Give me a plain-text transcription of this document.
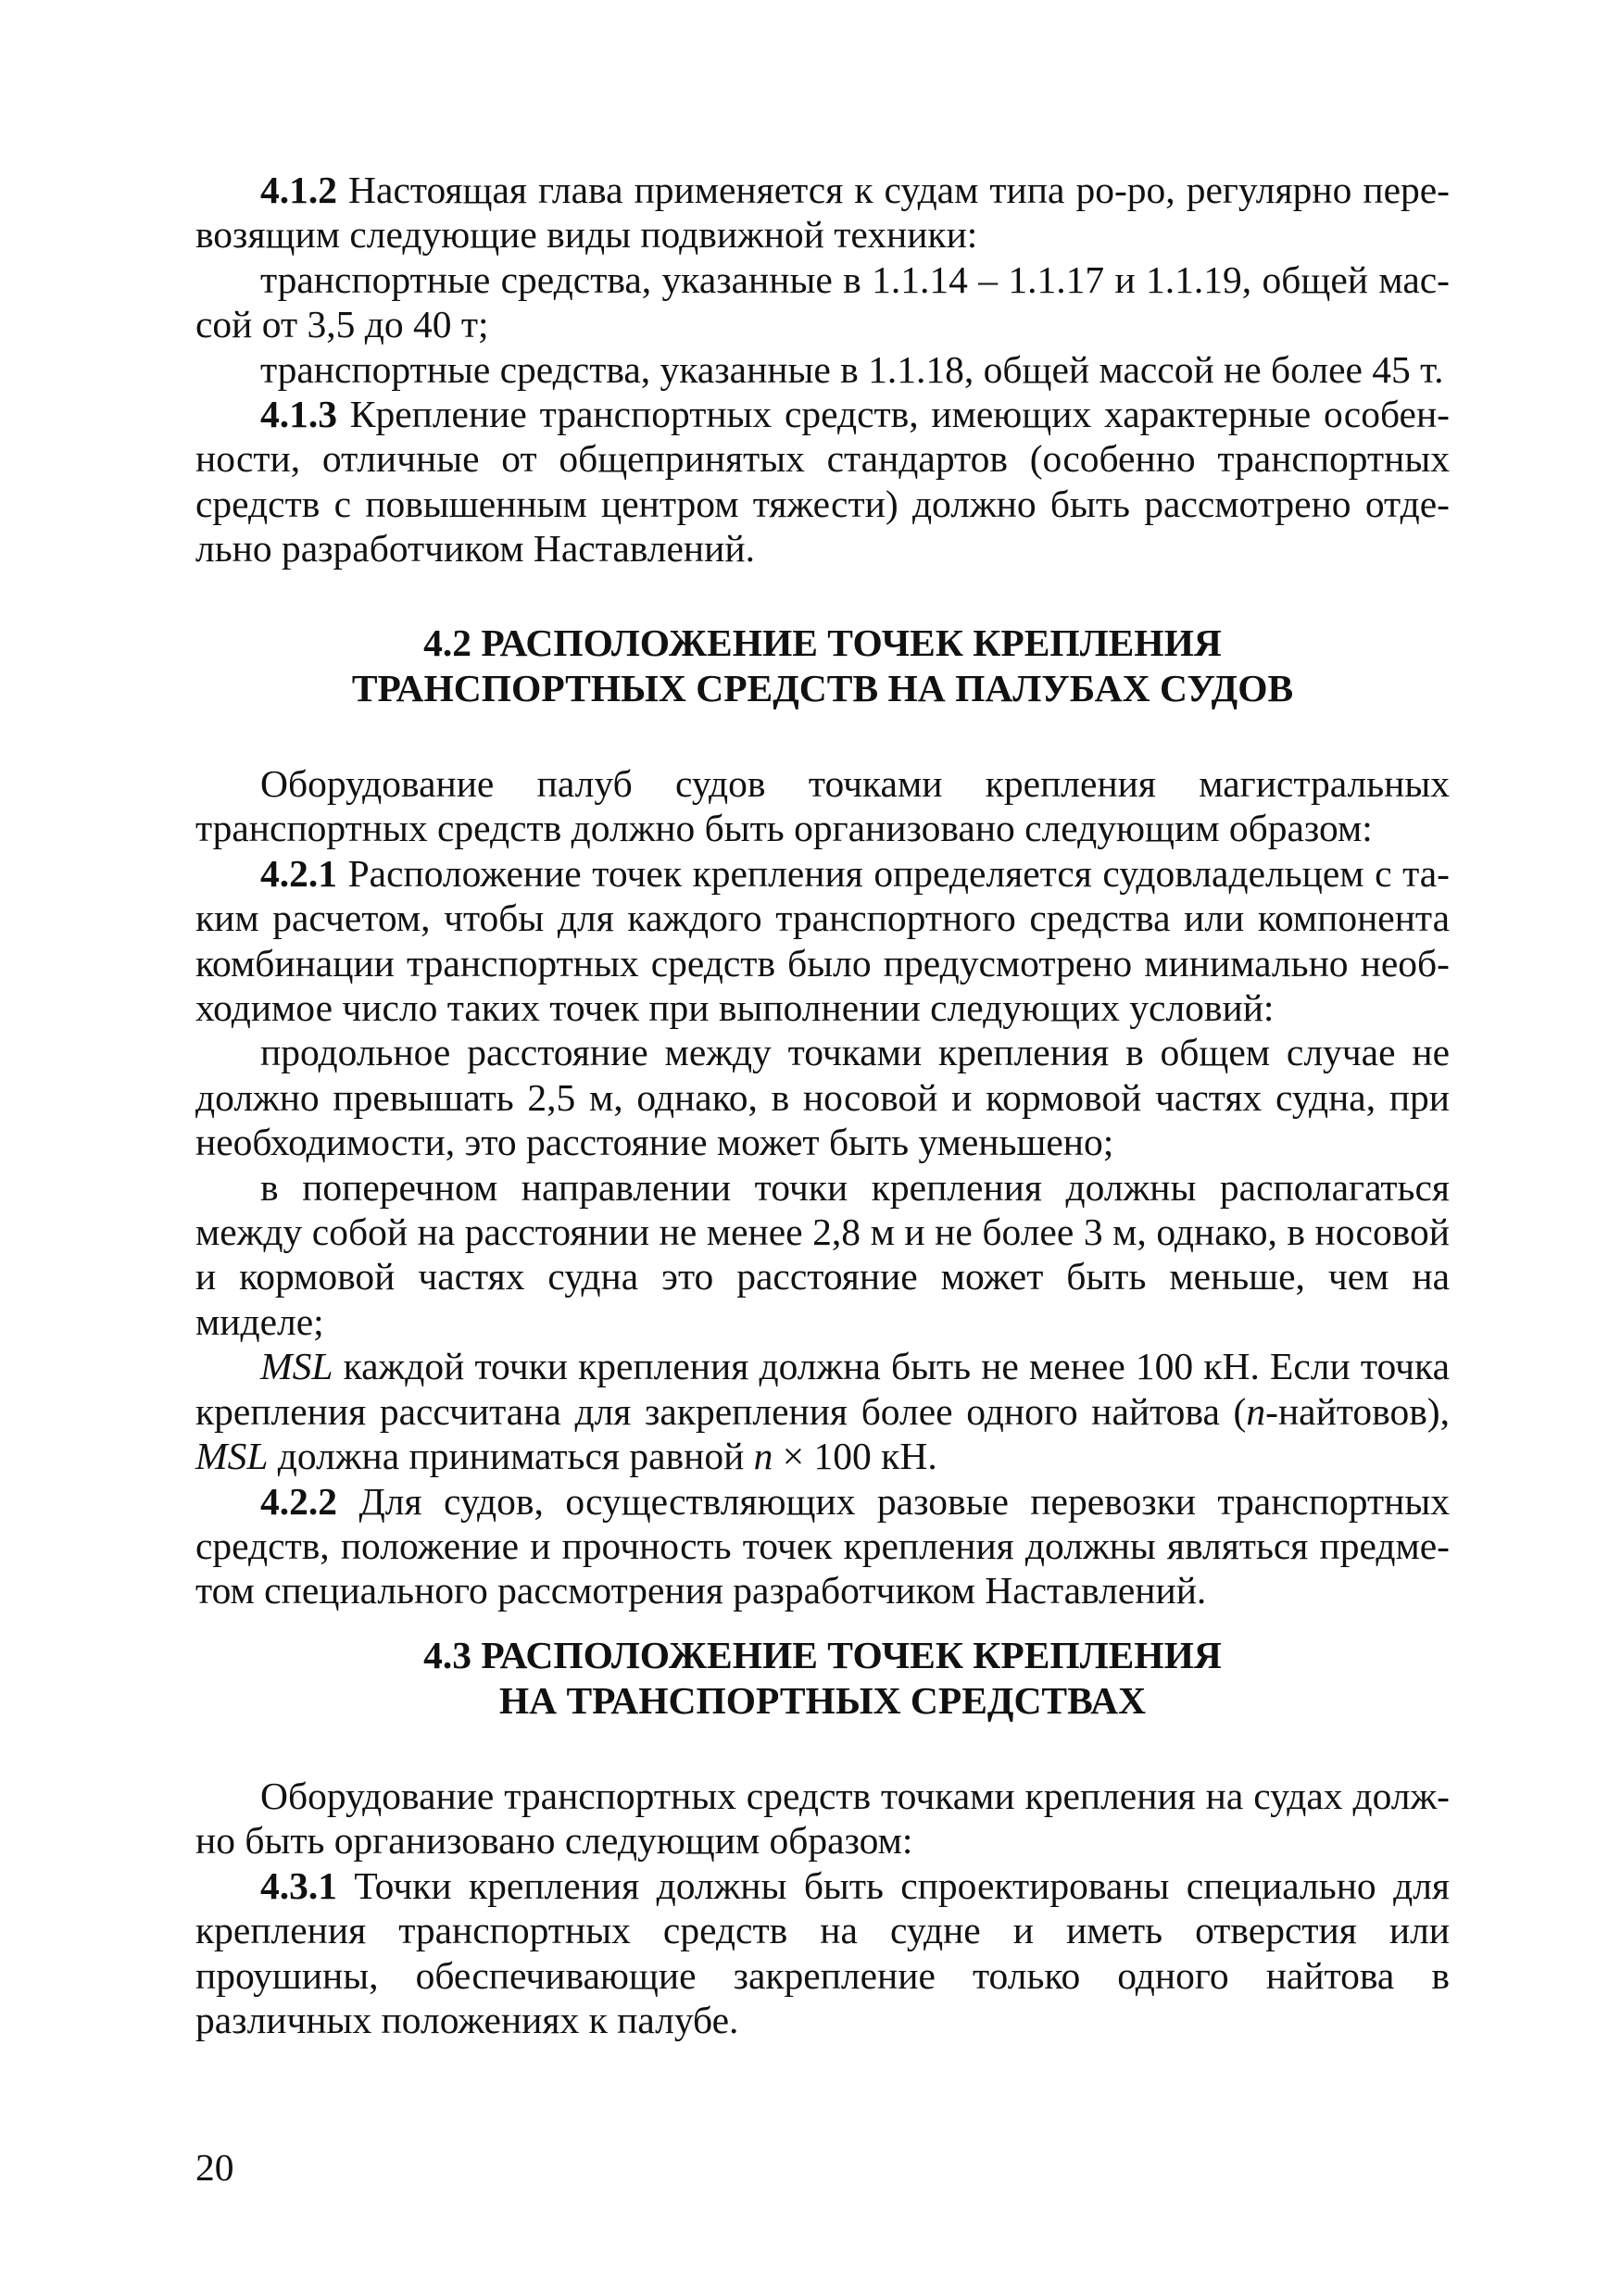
4.1.2 Настоящая глава применяется к судам типа ро-ро, регулярно перевозящим следующие виды подвижной техники:

транспортные средства, указанные в 1.1.14 – 1.1.17 и 1.1.19, общей массой от 3,5 до 40 т;

транспортные средства, указанные в 1.1.18, общей массой не более 45 т.

4.1.3 Крепление транспортных средств, имеющих характерные особенности, отличные от общепринятых стандартов (особенно транспортных средств с повышенным центром тяжести) должно быть рассмотрено отдельно разработчиком Наставлений.

4.2 РАСПОЛОЖЕНИЕ ТОЧЕК КРЕПЛЕНИЯ
ТРАНСПОРТНЫХ СРЕДСТВ НА ПАЛУБАХ СУДОВ

Оборудование палуб судов точками крепления магистральных транспортных средств должно быть организовано следующим образом:

4.2.1 Расположение точек крепления определяется судовладельцем с таким расчетом, чтобы для каждого транспортного средства или компонента комбинации транспортных средств было предусмотрено минимально необходимое число таких точек при выполнении следующих условий:

продольное расстояние между точками крепления в общем случае не должно превышать 2,5 м, однако, в носовой и кормовой частях судна, при необходимости, это расстояние может быть уменьшено;

в поперечном направлении точки крепления должны располагаться между собой на расстоянии не менее 2,8 м и не более 3 м, однако, в носовой и кормовой частях судна это расстояние может быть меньше, чем на миделе;

MSL каждой точки крепления должна быть не менее 100 кН. Если точка крепления рассчитана для закрепления более одного найтова (n-найтовов), MSL должна приниматься равной n × 100 кН.

4.2.2 Для судов, осуществляющих разовые перевозки транспортных средств, положение и прочность точек крепления должны являться предметом специального рассмотрения разработчиком Наставлений.

4.3 РАСПОЛОЖЕНИЕ ТОЧЕК КРЕПЛЕНИЯ
НА ТРАНСПОРТНЫХ СРЕДСТВАХ

Оборудование транспортных средств точками крепления на судах должно быть организовано следующим образом:

4.3.1 Точки крепления должны быть спроектированы специально для крепления транспортных средств на судне и иметь отверстия или проушины, обеспечивающие закрепление только одного найтова в различных положениях к палубе.

20
